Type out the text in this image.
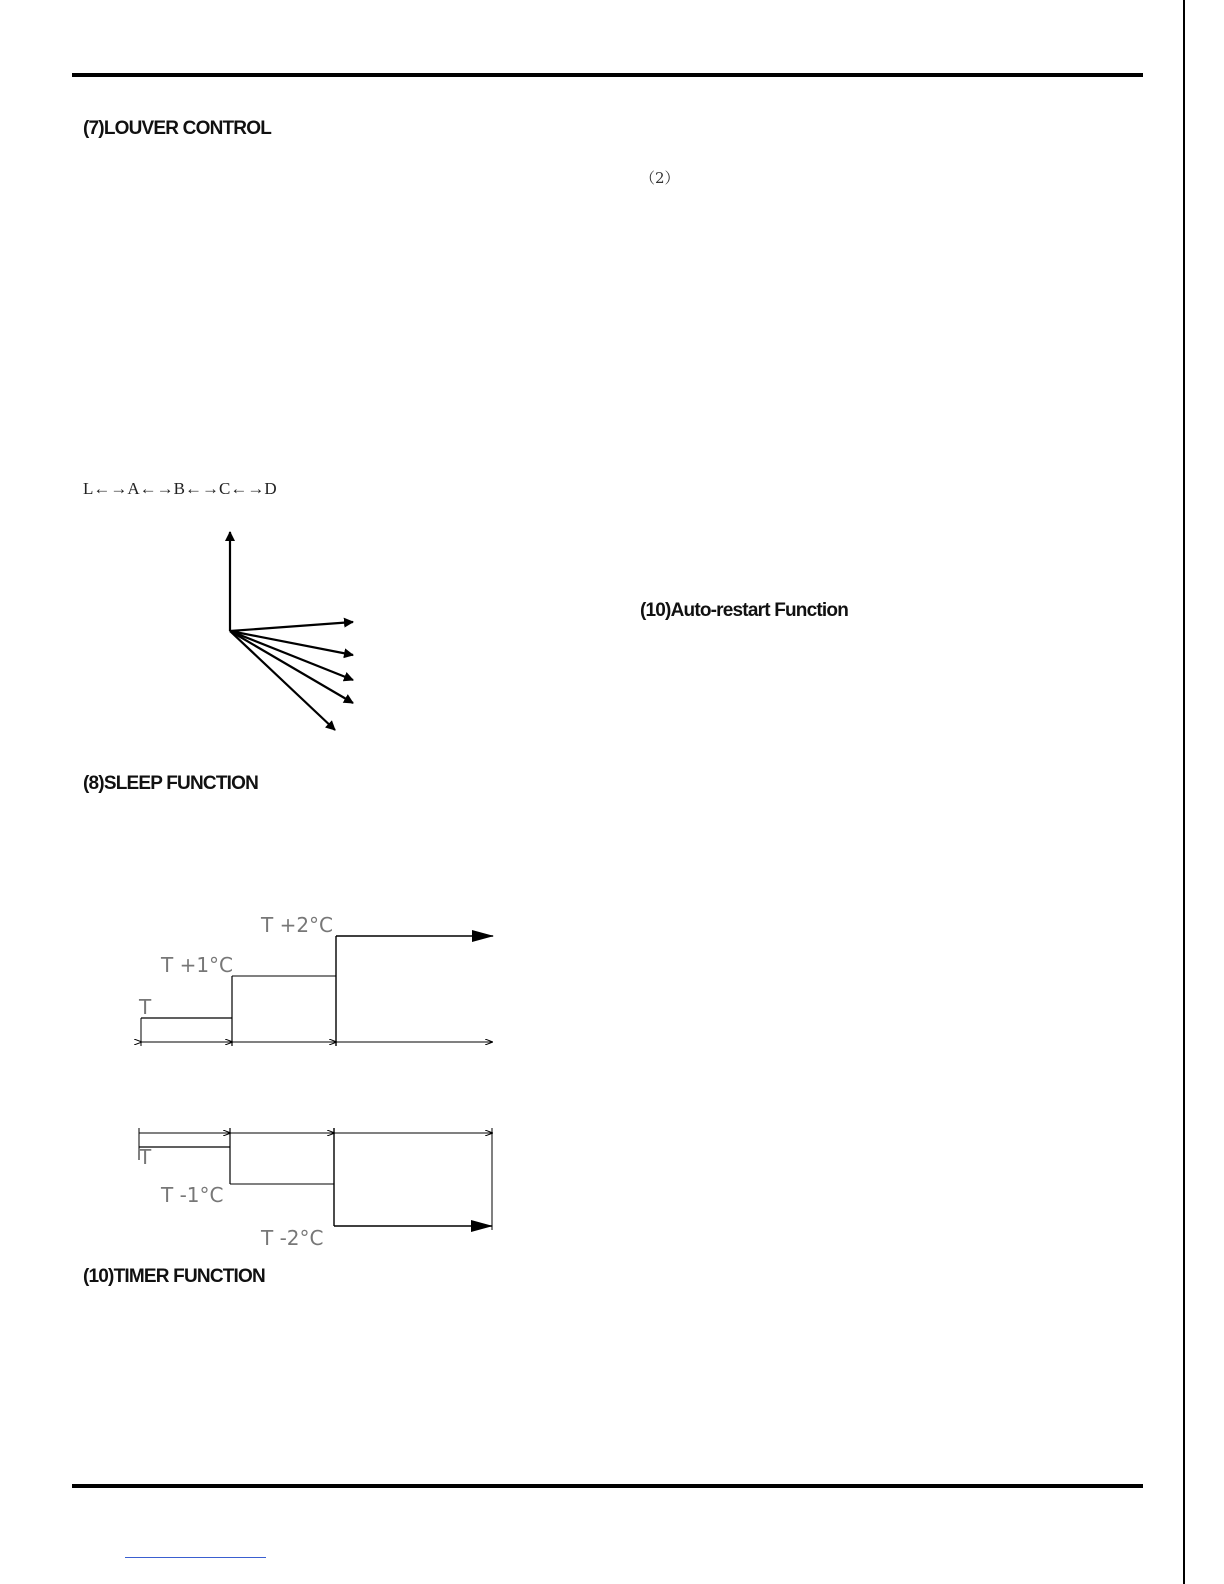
(7)LOUVER CONTROL
L←→A←→B←→C←→D
(8)SLEEP FUNCTION
T
T +1°C
T +2°C
T
T -1°C
T -2°C
(10)TIMER FUNCTION
（2）
(10)Auto-restart Function
